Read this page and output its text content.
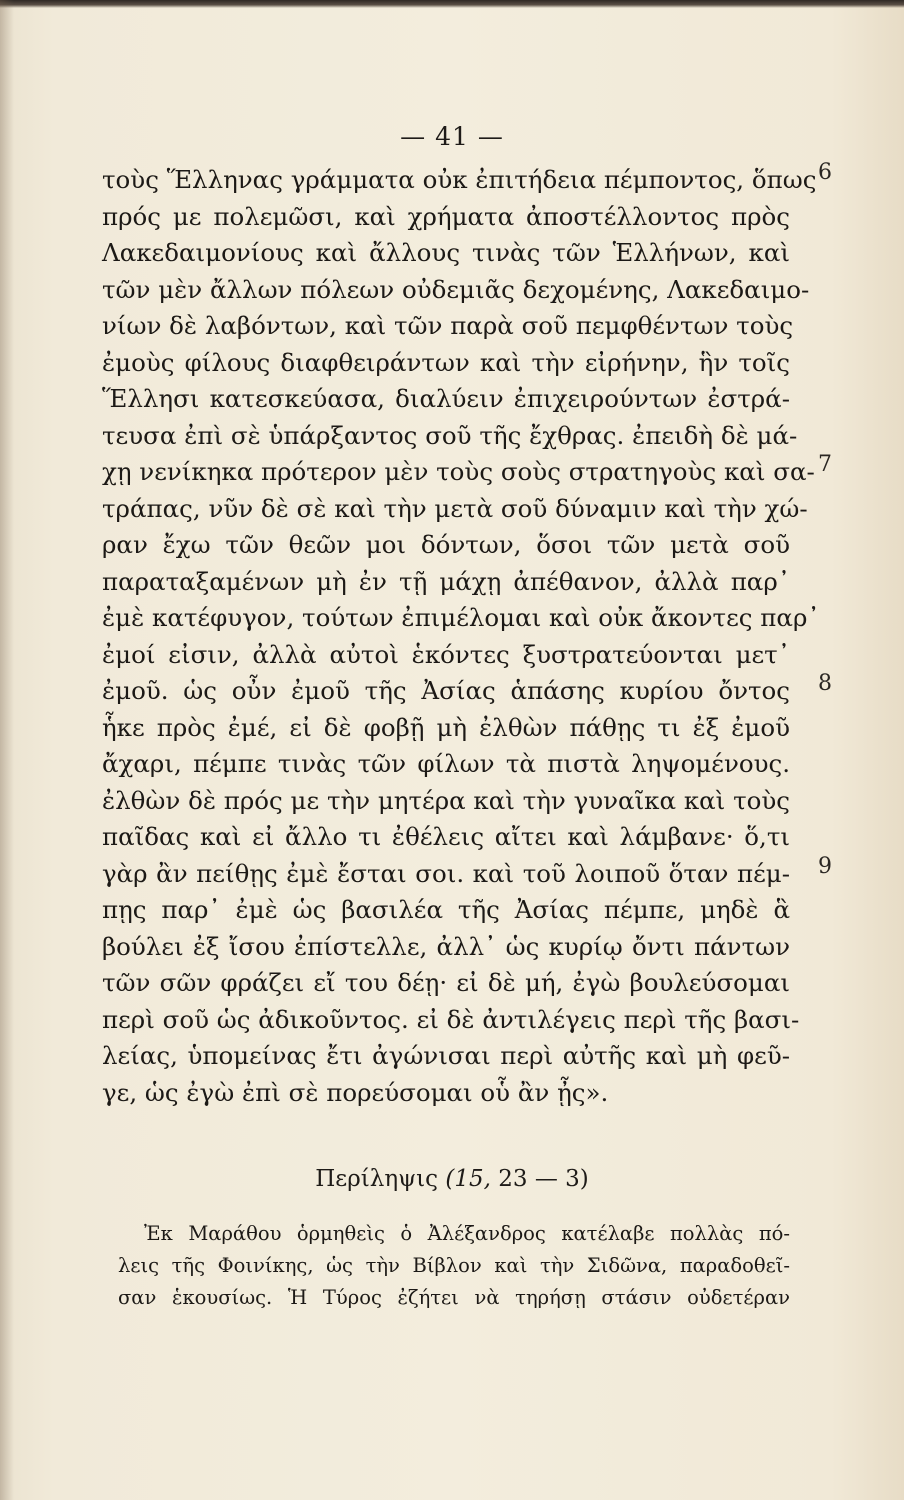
— 41 —
τοὺς Ἕλληνας γράμματα οὐκ ἐπιτήδεια πέμποντος, ὅπως
πρός με πολεμῶσι, καὶ χρήματα ἀποστέλλοντος πρὸς
Λακεδαιμονίους καὶ ἄλλους τινὰς τῶν Ἑλλήνων, καὶ
τῶν μὲν ἄλλων πόλεων οὐδεμιᾶς δεχομένης, Λακεδαιμο-
νίων δὲ λαβόντων, καὶ τῶν παρὰ σοῦ πεμφθέντων τοὺς
ἐμοὺς φίλους διαφθειράντων καὶ τὴν εἰρήνην, ἣν τοῖς
Ἕλλησι κατεσκεύασα, διαλύειν ἐπιχειρούντων ἐστρά-
τευσα ἐπὶ σὲ ὑπάρξαντος σοῦ τῆς ἔχθρας. ἐπειδὴ δὲ μά-
χῃ νενίκηκα πρότερον μὲν τοὺς σοὺς στρατηγοὺς καὶ σα-
τράπας, νῦν δὲ σὲ καὶ τὴν μετὰ σοῦ δύναμιν καὶ τὴν χώ-
ραν ἔχω τῶν θεῶν μοι δόντων, ὅσοι τῶν μετὰ σοῦ
παραταξαμένων μὴ ἐν τῇ μάχῃ ἀπέθανον, ἀλλὰ παρ᾽
ἐμὲ κατέφυγον, τούτων ἐπιμέλομαι καὶ οὐκ ἄκοντες παρ᾽
ἐμοί εἰσιν, ἀλλὰ αὐτοὶ ἑκόντες ξυστρατεύονται μετ᾽
ἐμοῦ. ὡς οὖν ἐμοῦ τῆς Ἀσίας ἁπάσης κυρίου ὄντος
ἧκε πρὸς ἐμέ, εἰ δὲ φοβῇ μὴ ἐλθὼν πάθῃς τι ἐξ ἐμοῦ
ἄχαρι, πέμπε τινὰς τῶν φίλων τὰ πιστὰ ληψομένους.
ἐλθὼν δὲ πρός με τὴν μητέρα καὶ τὴν γυναῖκα καὶ τοὺς
παῖδας καὶ εἰ ἄλλο τι ἐθέλεις αἴτει καὶ λάμβανε· ὅ,τι
γὰρ ἂν πείθῃς ἐμὲ ἔσται σοι. καὶ τοῦ λοιποῦ ὅταν πέμ-
πῃς παρ᾽ ἐμὲ ὡς βασιλέα τῆς Ἀσίας πέμπε, μηδὲ ἃ
βούλει ἐξ ἴσου ἐπίστελλε, ἀλλ᾽ ὡς κυρίῳ ὄντι πάντων
τῶν σῶν φράζει εἴ του δέῃ· εἰ δὲ μή, ἐγὼ βουλεύσομαι
περὶ σοῦ ὡς ἀδικοῦντος. εἰ δὲ ἀντιλέγεις περὶ τῆς βασι-
λείας, ὑπομείνας ἔτι ἀγώνισαι περὶ αὐτῆς καὶ μὴ φεῦ-
γε, ὡς ἐγὼ ἐπὶ σὲ πορεύσομαι οὗ ἂν ᾖς».
6
7
8
9
Περίληψις (15, 23 — 3)
Ἐκ Μαράθου ὁρμηθεὶς ὁ Ἀλέξανδρος κατέλαβε πολλὰς πό-
λεις τῆς Φοινίκης, ὡς τὴν Βίβλον καὶ τὴν Σιδῶνα, παραδοθεῖ-
σαν ἑκουσίως. Ἡ Τύρος ἐζήτει νὰ τηρήσῃ στάσιν οὐδετέραν
